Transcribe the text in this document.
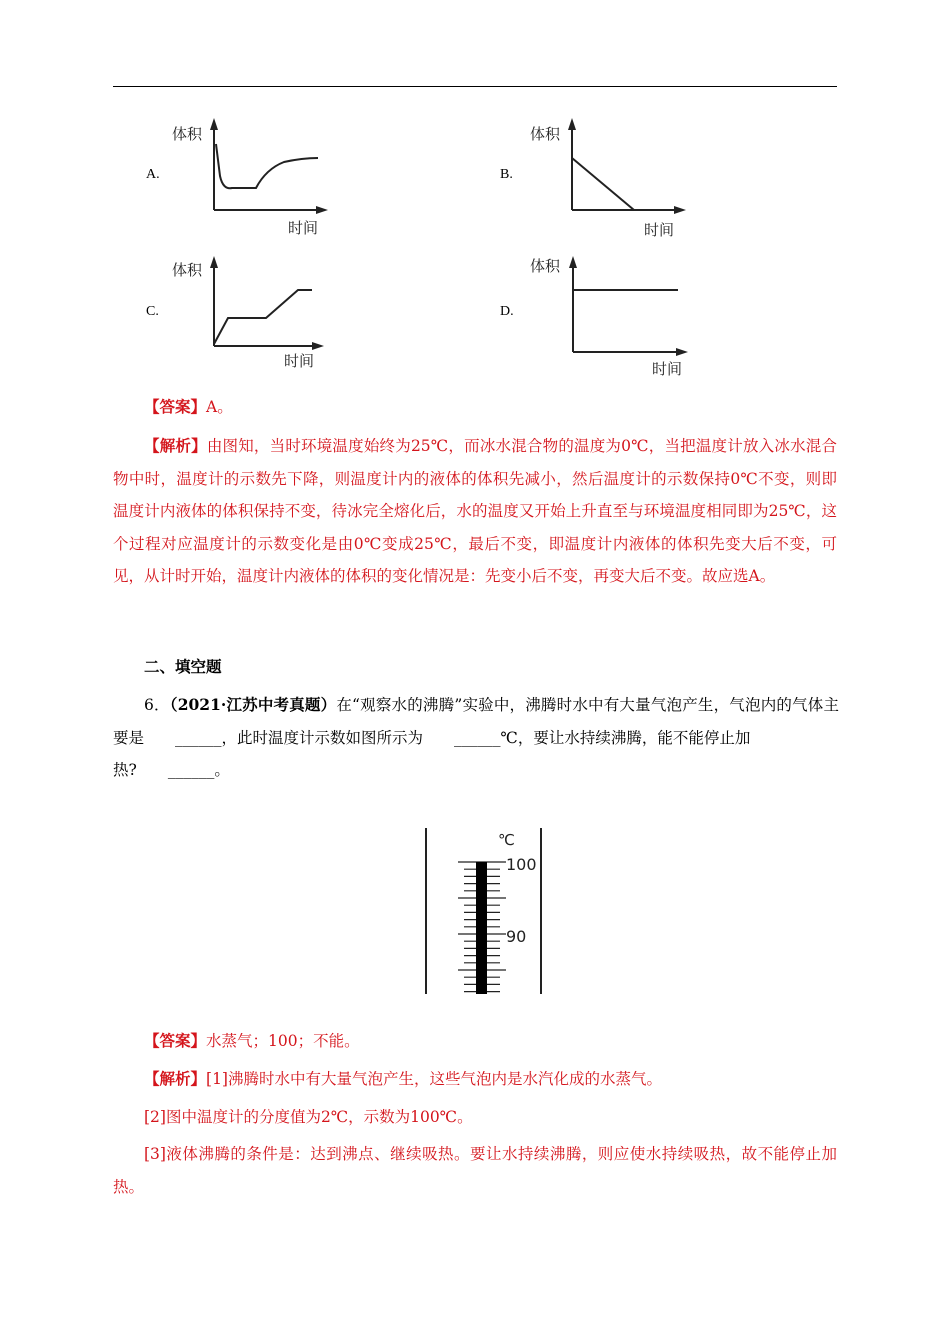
A.
体积
时间
B.
体积
时间
C.
体积
时间
D.
体积
时间
【答案】A。
【解析】由图知，当时环境温度始终为25℃，而冰水混合物的温度为0℃，当把温度计放入冰水混合物中时，温度计的示数先下降，则温度计内的液体的体积先减小，然后温度计的示数保持0℃不变，则即温度计内液体的体积保持不变，待冰完全熔化后，水的温度又开始上升直至与环境温度相同即为25℃，这个过程对应温度计的示数变化是由0℃变成25℃，最后不变，即温度计内液体的体积先变大后不变，可见，从计时开始，温度计内液体的体积的变化情况是：先变小后不变，再变大后不变。故应选A。
二、填空题
6．（2021·江苏中考真题）在“观察水的沸腾”实验中，沸腾时水中有大量气泡产生，气泡内的气体主要是 ______，此时温度计示数如图所示为 ______℃，要让水持续沸腾，能不能停止加
热? ______。
℃
100
90
【答案】水蒸气；100；不能。
【解析】[1]沸腾时水中有大量气泡产生，这些气泡内是水汽化成的水蒸气。
[2]图中温度计的分度值为2℃，示数为100℃。
[3]液体沸腾的条件是：达到沸点、继续吸热。要让水持续沸腾，则应使水持续吸热，故不能停止加热。
